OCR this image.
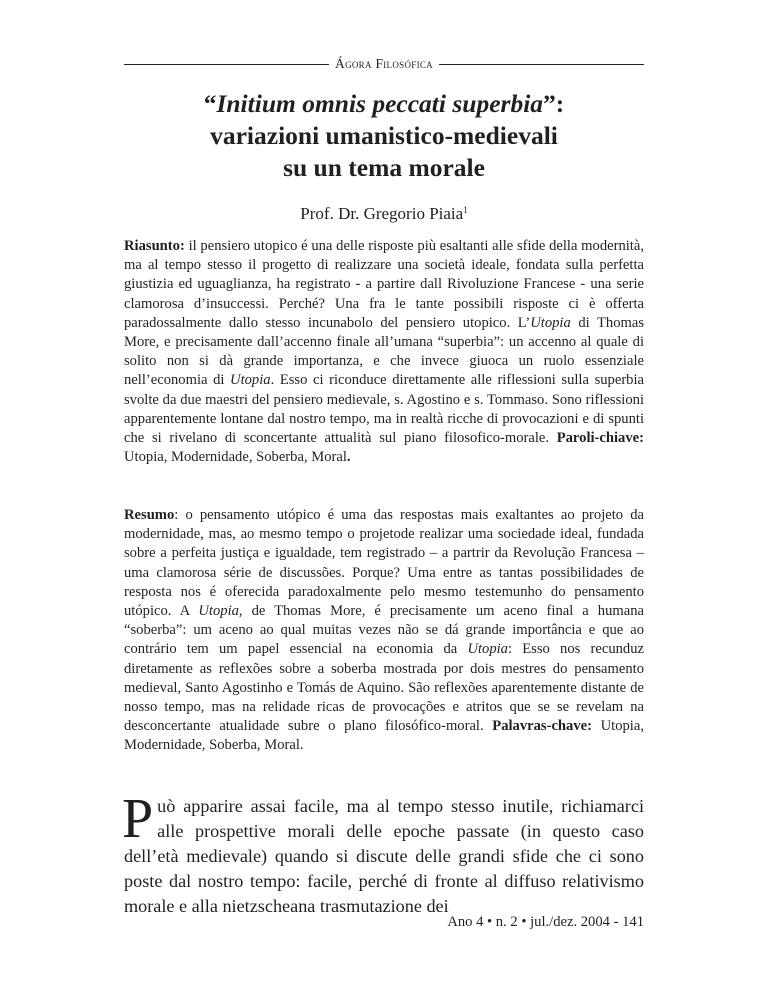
Ágora Filosófica
“Initium omnis peccati superbia”:
variazioni umanistico-medievali
su un tema morale
Prof. Dr. Gregorio Piaia$^1$

Riasunto: il pensiero utopico é una delle risposte più esaltanti alle sfide della modernità, ma al tempo stesso il progetto di realizzare una società ideale, fondata sulla perfetta giustizia ed uguaglianza, ha registrato - a partire dall Rivoluzione Francese - una serie clamorosa d’insuccessi. Perché? Una fra le tante possibili risposte ci è offerta paradossalmente dallo stesso incunabolo del pensiero utopico. L’Utopia di Thomas More, e precisamente dall’accenno finale all’umana “superbia”: un accenno al quale di solito non si dà grande importanza, e che invece giuoca un ruolo essenziale nell’economia di Utopia. Esso ci riconduce direttamente alle riflessioni sulla superbia svolte da due maestri del pensiero medievale, s. Agostino e s. Tommaso. Sono riflessioni apparentemente lontane dal nostro tempo, ma in realtà ricche di provocazioni e di spunti che si rivelano di sconcertante attualità sul piano filosofico-morale. Paroli-chiave: Utopia, Modernidade, Soberba, Moral.

Resumo: o pensamento utópico é uma das respostas mais exaltantes ao projeto da modernidade, mas, ao mesmo tempo o projetode realizar uma sociedade ideal, fundada sobre a perfeita justiça e igualdade, tem registrado – a partrir da Revolução Francesa – uma clamorosa série de discussões. Porque? Uma entre as tantas possibilidades de resposta nos é oferecida paradoxalmente pelo mesmo testemunho do pensamento utópico. A Utopia, de Thomas More, é precisamente um aceno final a humana “soberba”: um aceno ao qual muitas vezes não se dá grande importância e que ao contrário tem um papel essencial na economia da Utopia: Esso nos recunduz diretamente as reflexões sobre a soberba mostrada por dois mestres do pensamento medieval, Santo Agostinho e Tomás de Aquino. São reflexões aparentemente distante de nosso tempo, mas na relidade ricas de provocações e atritos que se se revelam na desconcertante atualidade subre o plano filosófico-moral. Palavras-chave: Utopia, Modernidade, Soberba, Moral.

Può apparire assai facile, ma al tempo stesso inutile, richiamarci alle prospettive morali delle epoche passate (in questo caso dell’età medievale) quando si discute delle grandi sfide che ci sono poste dal nostro tempo: facile, perché di fronte al diffuso relativismo morale e alla nietzscheana trasmutazione dei

Ano 4 • n. 2 • jul./dez. 2004 - 141
